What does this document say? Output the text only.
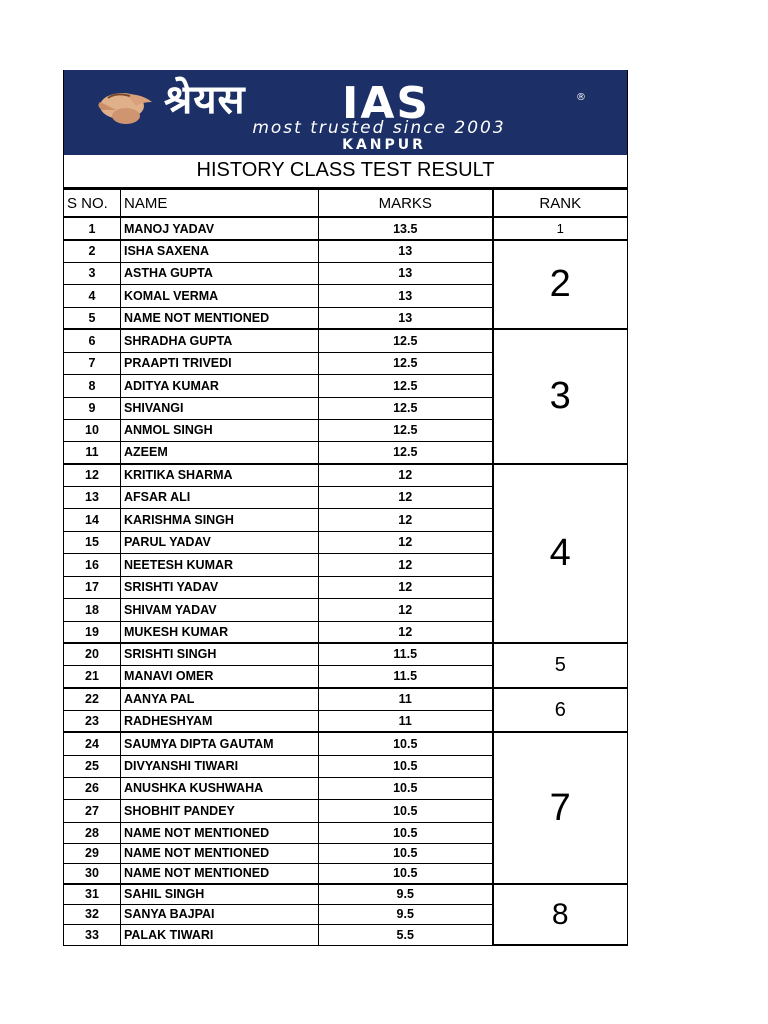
श्रेयस IAS	®
most trusted since 2003
KANPUR
HISTORY CLASS TEST RESULT
S NO.	NAME	MARKS	RANK
1	MANOJ YADAV	13.5	1
2	ISHA SAXENA	13	2
3	ASTHA GUPTA	13	
4	KOMAL VERMA	13	
5	NAME NOT MENTIONED	13	
6	SHRADHA GUPTA	12.5	3
7	PRAAPTI TRIVEDI	12.5	
8	ADITYA KUMAR	12.5	
9	SHIVANGI	12.5	
10	ANMOL SINGH	12.5	
11	AZEEM	12.5	
12	KRITIKA SHARMA	12	4
13	AFSAR ALI	12	
14	KARISHMA SINGH	12	
15	PARUL YADAV	12	
16	NEETESH KUMAR	12	
17	SRISHTI YADAV	12	
18	SHIVAM YADAV	12	
19	MUKESH KUMAR	12	
20	SRISHTI SINGH	11.5	5
21	MANAVI OMER	11.5	
22	AANYA PAL	11	6
23	RADHESHYAM	11	
24	SAUMYA DIPTA GAUTAM	10.5	7
25	DIVYANSHI TIWARI	10.5	
26	ANUSHKA KUSHWAHA	10.5	
27	SHOBHIT PANDEY	10.5	
28	NAME NOT MENTIONED	10.5	
29	NAME NOT MENTIONED	10.5	
30	NAME NOT MENTIONED	10.5	
31	SAHIL SINGH	9.5	8
32	SANYA BAJPAI	9.5	
33	PALAK TIWARI	5.5	
